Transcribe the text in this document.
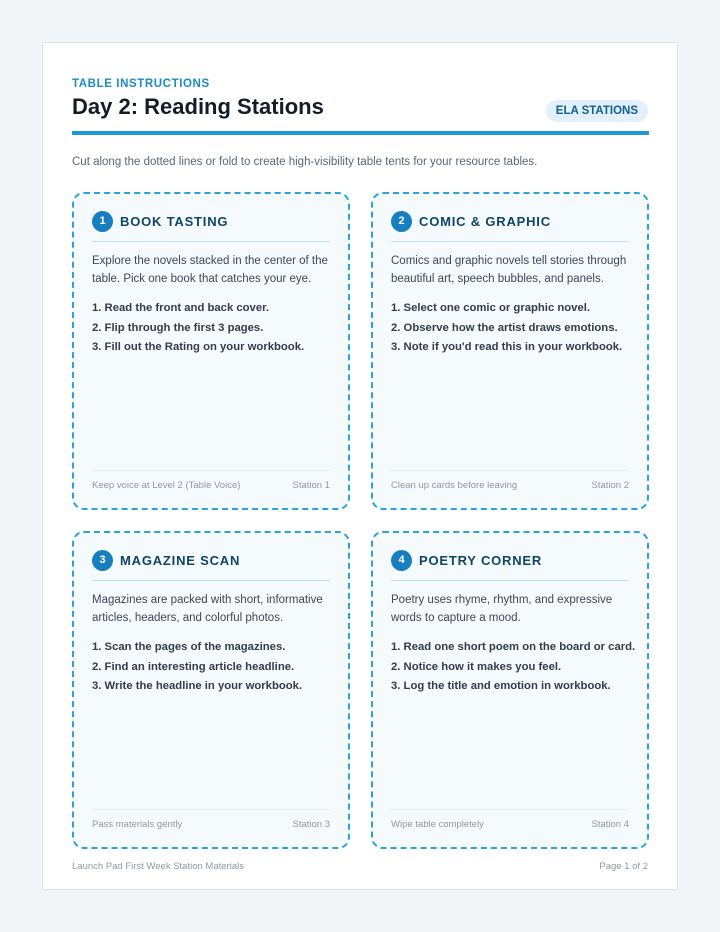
TABLE INSTRUCTIONS
Day 2: Reading Stations	ELA STATIONS
Cut along the dotted lines or fold to create high-visibility table tents for your resource tables.
1	BOOK TASTING
Explore the novels stacked in the center of the table. Pick one book that catches your eye.
1. Read the front and back cover.
2. Flip through the first 3 pages.
3. Fill out the Rating on your workbook.
Keep voice at Level 2 (Table Voice)	Station 1
2	COMIC & GRAPHIC
Comics and graphic novels tell stories through beautiful art, speech bubbles, and panels.
1. Select one comic or graphic novel.
2. Observe how the artist draws emotions.
3. Note if you'd read this in your workbook.
Clean up cards before leaving	Station 2
3	MAGAZINE SCAN
Magazines are packed with short, informative articles, headers, and colorful photos.
1. Scan the pages of the magazines.
2. Find an interesting article headline.
3. Write the headline in your workbook.
Pass materials gently	Station 3
4	POETRY CORNER
Poetry uses rhyme, rhythm, and expressive words to capture a mood.
1. Read one short poem on the board or card.
2. Notice how it makes you feel.
3. Log the title and emotion in workbook.
Wipe table completely	Station 4
Launch Pad First Week Station Materials	Page 1 of 2
